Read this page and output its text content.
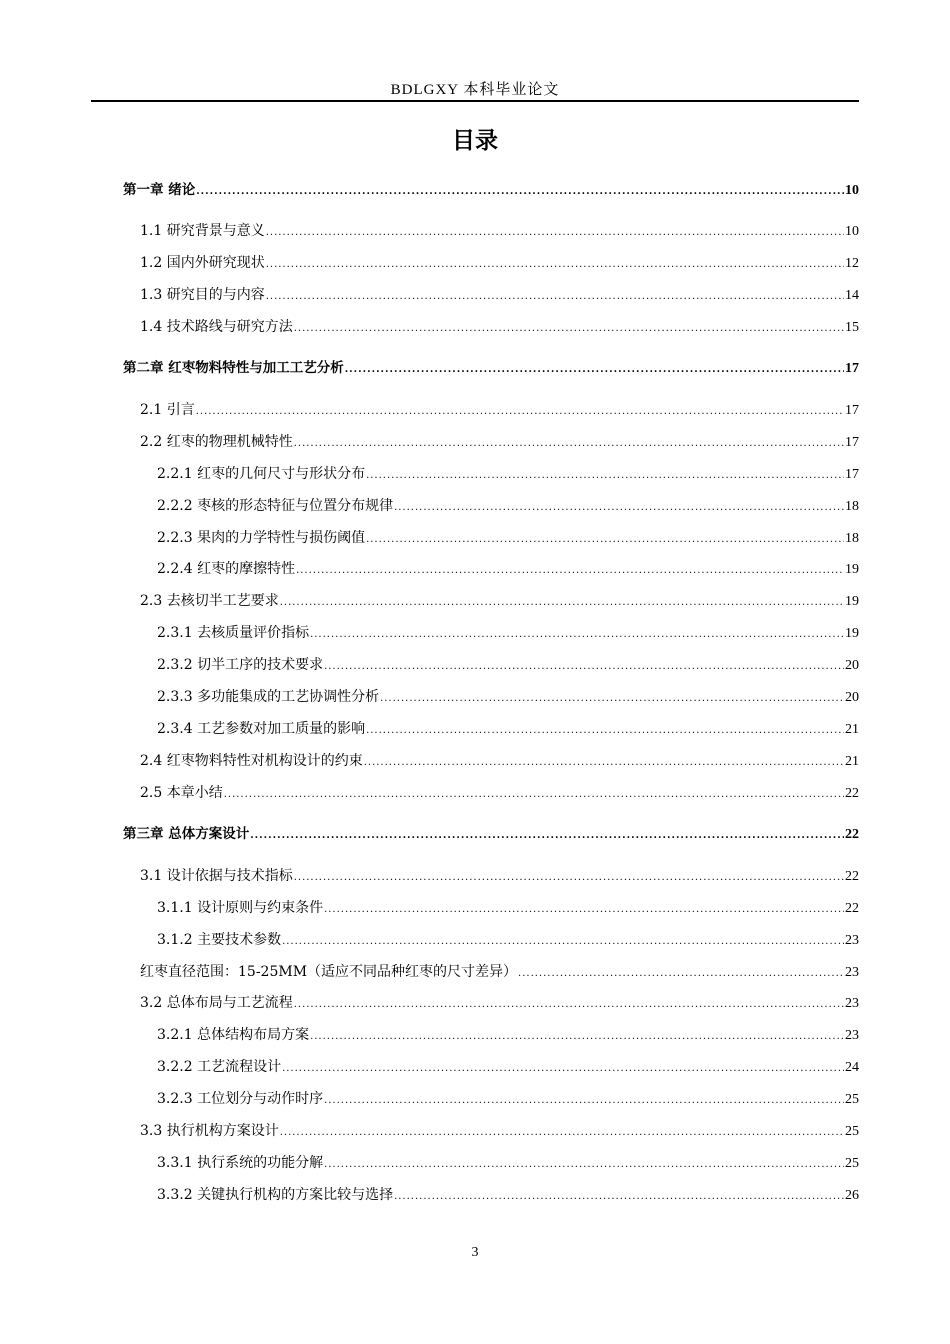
BDLGXY 本科毕业论文
目录
第一章 绪论 .....	10
1.1 研究背景与意义 .....	10
1.2 国内外研究现状 .....	12
1.3 研究目的与内容 .....	14
1.4 技术路线与研究方法 .....	15
第二章 红枣物料特性与加工工艺分析 .....	17
2.1 引言 .....	17
2.2 红枣的物理机械特性 .....	17
2.2.1 红枣的几何尺寸与形状分布 .....	17
2.2.2 枣核的形态特征与位置分布规律 .....	18
2.2.3 果肉的力学特性与损伤阈值 .....	18
2.2.4 红枣的摩擦特性 .....	19
2.3 去核切半工艺要求 .....	19
2.3.1 去核质量评价指标 .....	19
2.3.2 切半工序的技术要求 .....	20
2.3.3 多功能集成的工艺协调性分析 .....	20
2.3.4 工艺参数对加工质量的影响 .....	21
2.4 红枣物料特性对机构设计的约束 .....	21
2.5 本章小结 .....	22
第三章 总体方案设计 .....	22
3.1 设计依据与技术指标 .....	22
3.1.1 设计原则与约束条件 .....	22
3.1.2 主要技术参数 .....	23
红枣直径范围：15-25MM（适应不同品种红枣的尺寸差异） .....	23
3.2 总体布局与工艺流程 .....	23
3.2.1 总体结构布局方案 .....	23
3.2.2 工艺流程设计 .....	24
3.2.3 工位划分与动作时序 .....	25
3.3 执行机构方案设计 .....	25
3.3.1 执行系统的功能分解 .....	25
3.3.2 关键执行机构的方案比较与选择 .....	26
3
